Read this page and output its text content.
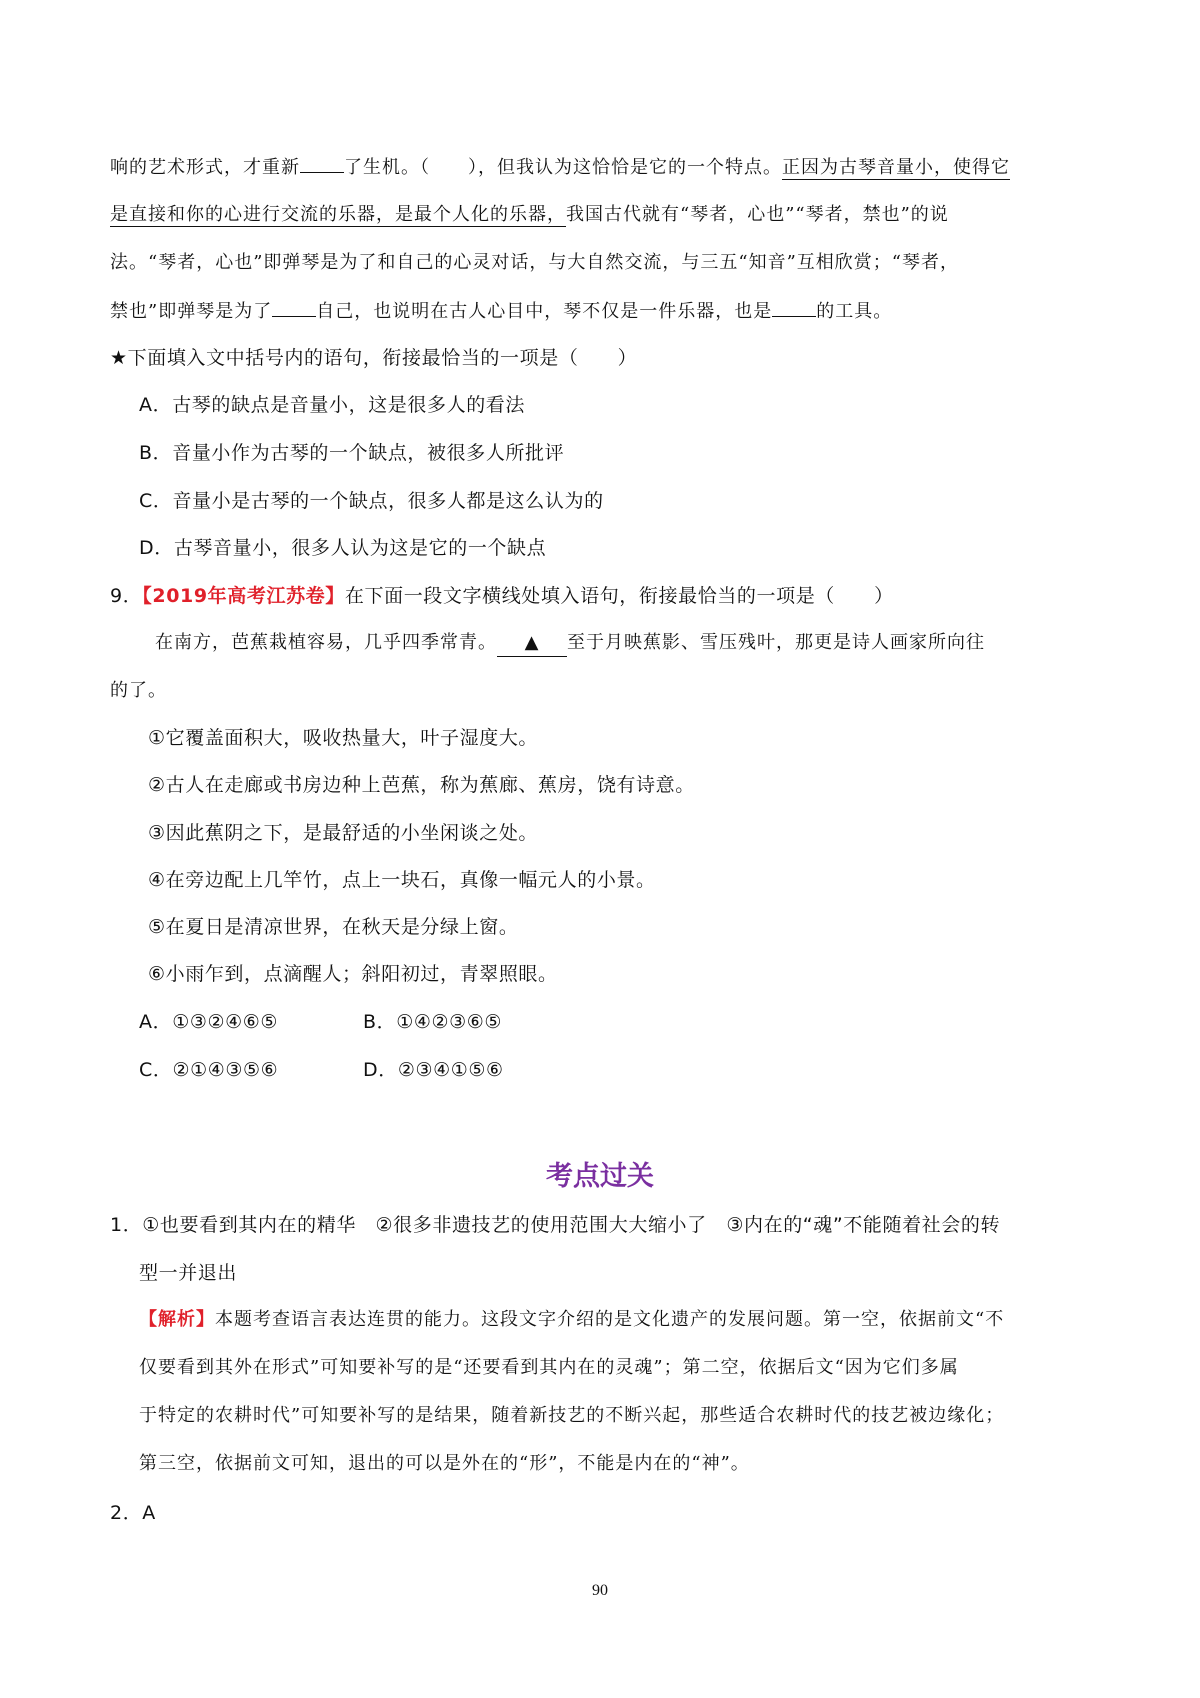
响的艺术形式，才重新 了生机。（　　），但我认为这恰恰是它的一个特点。正因为古琴音量小，使得它
是直接和你的心进行交流的乐器，是最个人化的乐器，我国古代就有“琴者，心也”“琴者，禁也”的说
法。“琴者，心也”即弹琴是为了和自己的心灵对话，与大自然交流，与三五“知音”互相欣赏；“琴者，
禁也”即弹琴是为了 自己，也说明在古人心目中，琴不仅是一件乐器，也是 的工具。
★下面填入文中括号内的语句，衔接最恰当的一项是（　　）
A．古琴的缺点是音量小，这是很多人的看法
B．音量小作为古琴的一个缺点，被很多人所批评
C．音量小是古琴的一个缺点，很多人都是这么认为的
D．古琴音量小，很多人认为这是它的一个缺点
9．【2019年高考江苏卷】在下面一段文字横线处填入语句，衔接最恰当的一项是（　　）
在南方，芭蕉栽植容易，几乎四季常青。 ▲ 至于月映蕉影、雪压残叶，那更是诗人画家所向往
的了。
①它覆盖面积大，吸收热量大，叶子湿度大。
②古人在走廊或书房边种上芭蕉，称为蕉廊、蕉房，饶有诗意。
③因此蕉阴之下，是最舒适的小坐闲谈之处。
④在旁边配上几竿竹，点上一块石，真像一幅元人的小景。
⑤在夏日是清凉世界，在秋天是分绿上窗。
⑥小雨乍到，点滴醒人；斜阳初过，青翠照眼。
A．①③②④⑥⑤	B．①④②③⑥⑤
C．②①④③⑤⑥	D．②③④①⑤⑥
考点过关
1．①也要看到其内在的精华　②很多非遗技艺的使用范围大大缩小了　③内在的“魂”不能随着社会的转
型一并退出
【解析】本题考查语言表达连贯的能力。这段文字介绍的是文化遗产的发展问题。第一空，依据前文“不
仅要看到其外在形式”可知要补写的是“还要看到其内在的灵魂”；第二空，依据后文“因为它们多属
于特定的农耕时代”可知要补写的是结果，随着新技艺的不断兴起，那些适合农耕时代的技艺被边缘化；
第三空，依据前文可知，退出的可以是外在的“形”，不能是内在的“神”。
2．A
90
